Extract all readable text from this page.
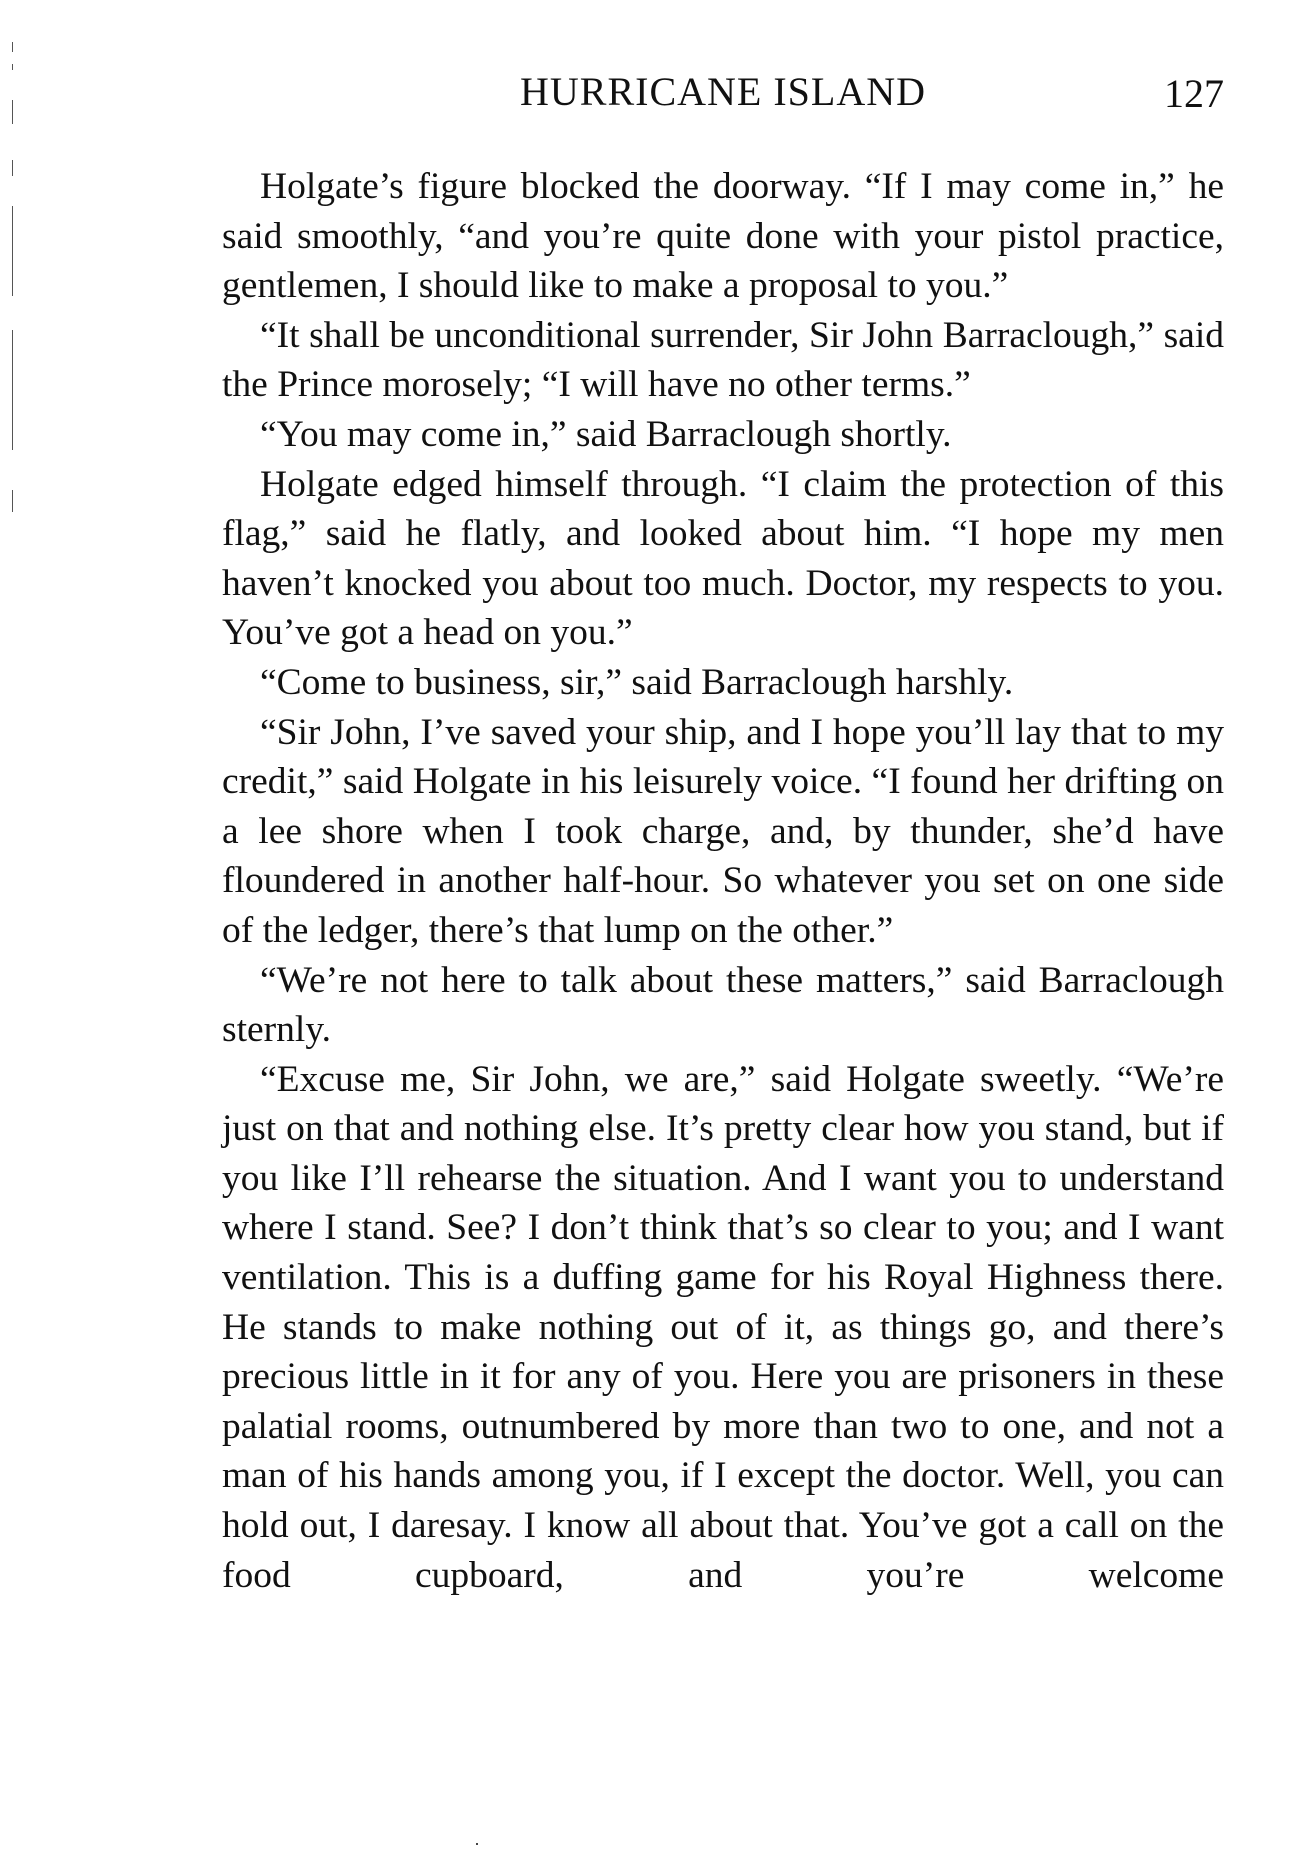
HURRICANE ISLAND	127

Holgate’s figure blocked the doorway. “If I may come in,” he said smoothly, “and you’re quite done with your pistol practice, gentlemen, I should like to make a proposal to you.”

“It shall be unconditional surrender, Sir John Barraclough,” said the Prince morosely; “I will have no other terms.”

“You may come in,” said Barraclough shortly.

Holgate edged himself through. “I claim the protection of this flag,” said he flatly, and looked about him. “I hope my men haven’t knocked you about too much. Doctor, my respects to you. You’ve got a head on you.”

“Come to business, sir,” said Barraclough harshly.

“Sir John, I’ve saved your ship, and I hope you’ll lay that to my credit,” said Holgate in his leisurely voice. “I found her drifting on a lee shore when I took charge, and, by thunder, she’d have floundered in another half-hour. So whatever you set on one side of the ledger, there’s that lump on the other.”

“We’re not here to talk about these matters,” said Barraclough sternly.

“Excuse me, Sir John, we are,” said Holgate sweetly. “We’re just on that and nothing else. It’s pretty clear how you stand, but if you like I’ll rehearse the situation. And I want you to understand where I stand. See? I don’t think that’s so clear to you; and I want ventilation. This is a duffing game for his Royal Highness there. He stands to make nothing out of it, as things go, and there’s precious little in it for any of you. Here you are prisoners in these palatial rooms, outnumbered by more than two to one, and not a man of his hands among you, if I except the doctor. Well, you can hold out, I daresay. I know all about that. You’ve got a call on the food cupboard, and you’re welcome
